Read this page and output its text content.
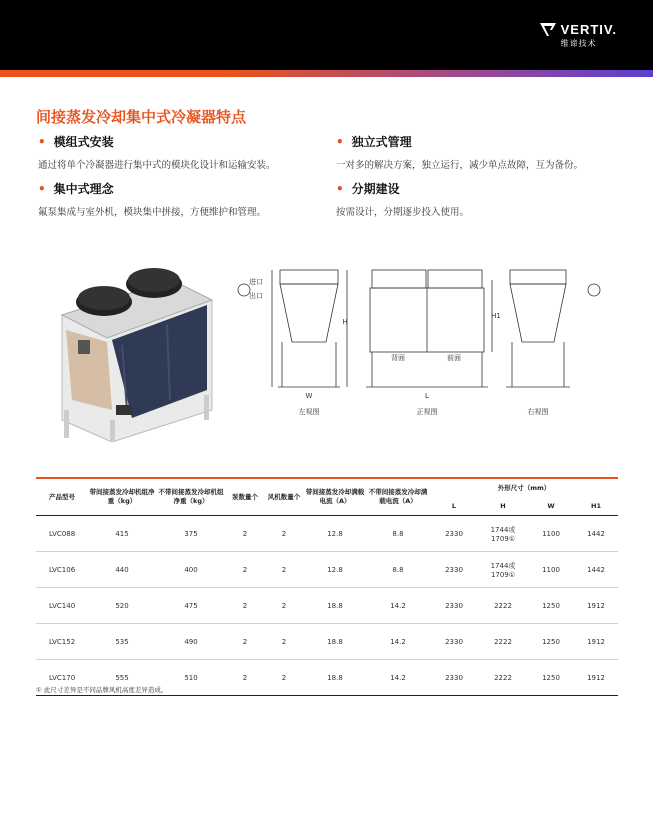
VERTIV.
维谛技术
间接蒸发冷却集中式冷凝器特点
• 模组式安装
通过将单个冷凝器进行集中式的模块化设计和运输安装。
• 独立式管理
一对多的解决方案，独立运行，减少单点故障，互为备份。
• 集中式理念
氟泵集成与室外机，模块集中拼接，方便维护和管理。
• 分期建设
按需设计，分期逐步投入使用。
左视图	正视图	右视图
L
W
H
H1
进口
出口
背面	前面
产品型号	带间接蒸发冷却机组净重（kg）	不带间接蒸发冷却机组净重（kg）	泵数量个	风机数量个	带间接蒸发冷却满载电流（A）	不带间接蒸发冷却满载电流（A）	外形尺寸（mm）			
							L	H	W	H1
LVC088	415	375	2	2	12.8	8.8	2330	1744或1709①	1100	1442
LVC106	440	400	2	2	12.8	8.8	2330	1744或1709①	1100	1442
LVC140	520	475	2	2	18.8	14.2	2330	2222	1250	1912
LVC152	535	490	2	2	18.8	14.2	2330	2222	1250	1912
LVC170	555	510	2	2	18.8	14.2	2330	2222	1250	1912
① 此尺寸差异是不同品牌风机高度差异造成。
